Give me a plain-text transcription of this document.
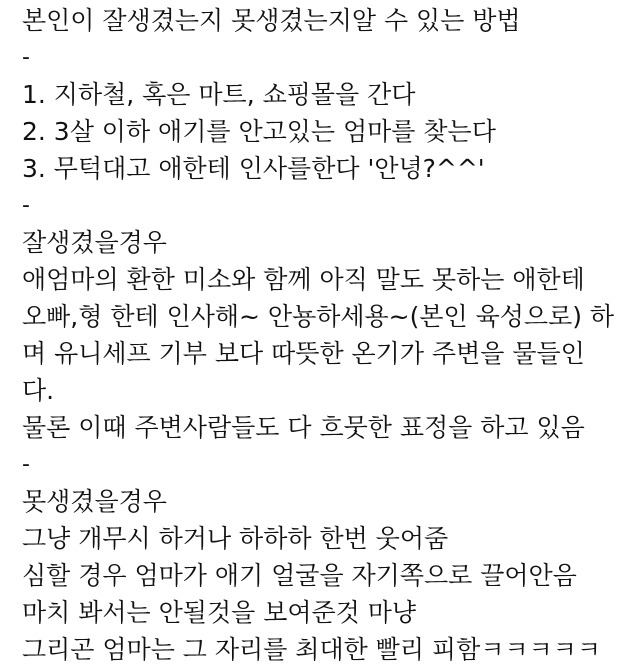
본인이 잘생겼는지 못생겼는지알 수 있는 방법
-
1. 지하철, 혹은 마트, 쇼핑몰을 간다
2. 3살 이하 애기를 안고있는 엄마를 찾는다
3. 무턱대고 애한테 인사를한다 '안녕?^^'
-
잘생겼을경우
애엄마의 환한 미소와 함께 아직 말도 못하는 애한테
오빠,형 한테 인사해~ 안뇽하세용~(본인 육성으로) 하
며 유니세프 기부 보다 따뜻한 온기가 주변을 물들인
다.
물론 이때 주변사람들도 다 흐뭇한 표정을 하고 있음
-
못생겼을경우
그냥 개무시 하거나 하하하 한번 웃어줌
심할 경우 엄마가 애기 얼굴을 자기쪽으로 끌어안음
마치 봐서는 안될것을 보여준것 마냥
그리곤 엄마는 그 자리를 최대한 빨리 피함ㅋㅋㅋㅋㅋ
